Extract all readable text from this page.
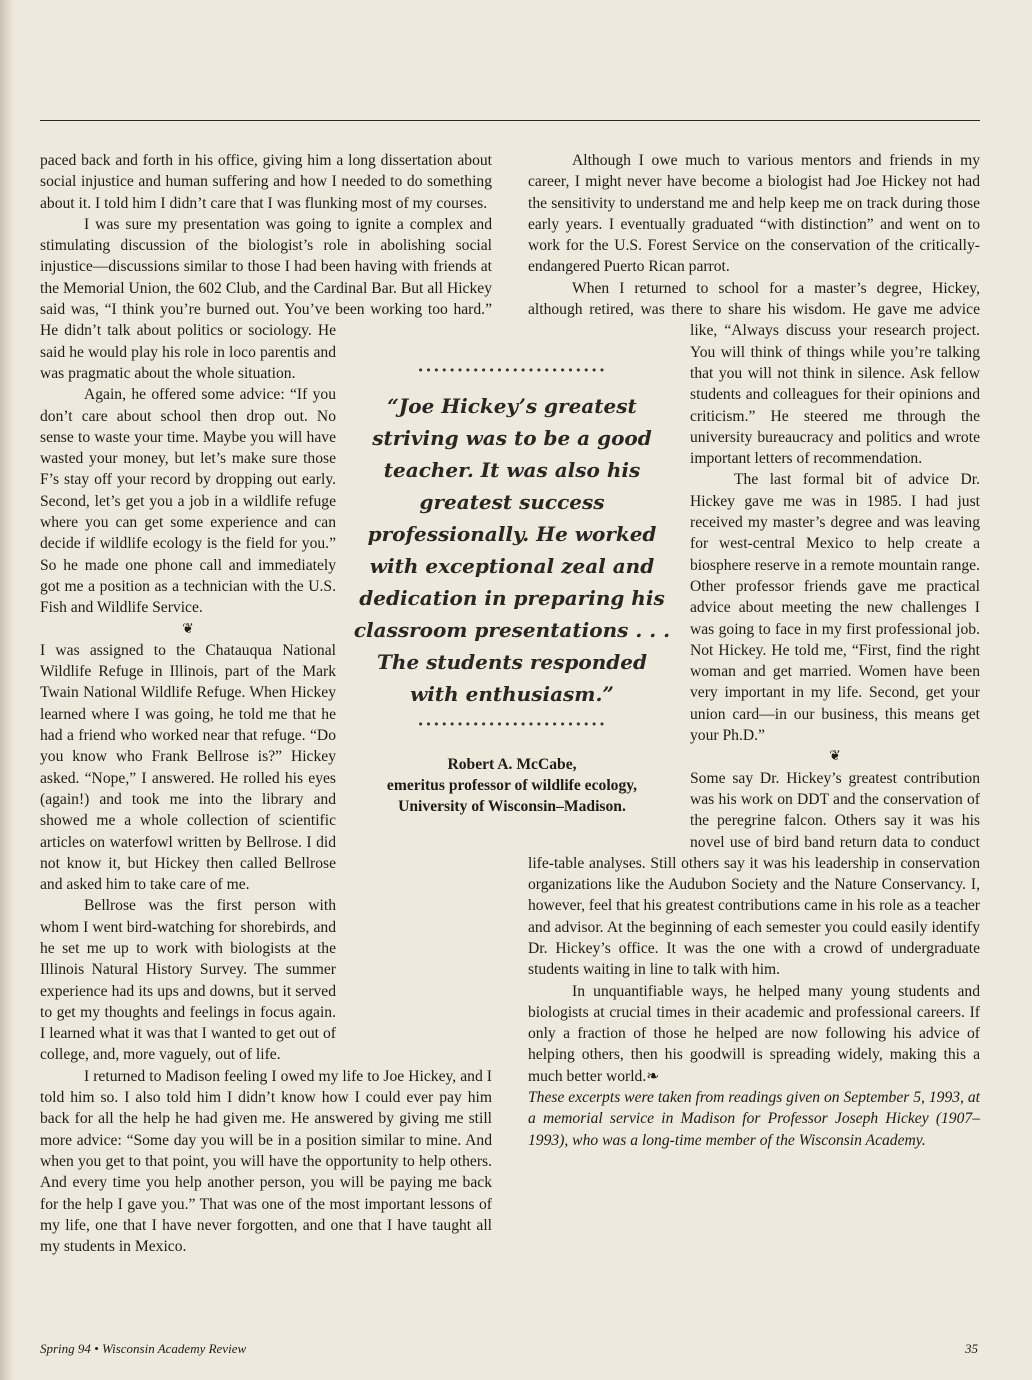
paced back and forth in his office, giving him a long dissertation about social injustice and human suffering and how I needed to do something about it. I told him I didn’t care that I was flunking most of my courses.

I was sure my presentation was going to ignite a complex and stimulating discussion of the biologist’s role in abolishing social injustice—discussions similar to those I had been having with friends at the Memorial Union, the 602 Club, and the Cardinal Bar. But all Hickey said was, “I think you’re burned out. You’ve been working too hard.” He didn’t talk about politics or sociology. He said he would play his role in loco parentis and was pragmatic about the whole situation.

Again, he offered some advice: “If you don’t care about school then drop out. No sense to waste your time. Maybe you will have wasted your money, but let’s make sure those F’s stay off your record by dropping out early. Second, let’s get you a job in a wildlife refuge where you can get some experience and can decide if wildlife ecology is the field for you.” So he made one phone call and immediately got me a position as a technician with the U.S. Fish and Wildlife Service.

❦

I was assigned to the Chatauqua National Wildlife Refuge in Illinois, part of the Mark Twain National Wildlife Refuge. When Hickey learned where I was going, he told me that he had a friend who worked near that refuge. “Do you know who Frank Bellrose is?” Hickey asked. “Nope,” I answered. He rolled his eyes (again!) and took me into the library and showed me a whole collection of scientific articles on waterfowl written by Bellrose. I did not know it, but Hickey then called Bellrose and asked him to take care of me.

Bellrose was the first person with whom I went bird-watching for shorebirds, and he set me up to work with biologists at the Illinois Natural History Survey. The summer experience had its ups and downs, but it served to get my thoughts and feelings in focus again. I learned what it was that I wanted to get out of college, and, more vaguely, out of life.

I returned to Madison feeling I owed my life to Joe Hickey, and I told him so. I also told him I didn’t know how I could ever pay him back for all the help he had given me. He answered by giving me still more advice: “Some day you will be in a position similar to mine. And when you get to that point, you will have the opportunity to help others. And every time you help another person, you will be paying me back for the help I gave you.” That was one of the most important lessons of my life, one that I have never forgotten, and one that I have taught all my students in Mexico.

Although I owe much to various mentors and friends in my career, I might never have become a biologist had Joe Hickey not had the sensitivity to understand me and help keep me on track during those early years. I eventually graduated “with distinction” and went on to work for the U.S. Forest Service on the conservation of the critically-endangered Puerto Rican parrot.

When I returned to school for a master’s degree, Hickey, although retired, was there to share his wisdom. He gave me advice like, “Always discuss your research project. You will think of things while you’re talking that you will not think in silence. Ask fellow students and colleagues for their opinions and criticism.” He steered me through the university bureaucracy and politics and wrote important letters of recommendation.

The last formal bit of advice Dr. Hickey gave me was in 1985. I had just received my master’s degree and was leaving for west-central Mexico to help create a biosphere reserve in a remote mountain range. Other professor friends gave me practical advice about meeting the new challenges I was going to face in my first professional job. Not Hickey. He told me, “First, find the right woman and get married. Women have been very important in my life. Second, get your union card—in our business, this means get your Ph.D.”

❦

Some say Dr. Hickey’s greatest contribution was his work on DDT and the conservation of the peregrine falcon. Others say it was his novel use of bird band return data to conduct life-table analyses. Still others say it was his leadership in conservation organizations like the Audubon Society and the Nature Conservancy. I, however, feel that his greatest contributions came in his role as a teacher and advisor. At the beginning of each semester you could easily identify Dr. Hickey’s office. It was the one with a crowd of undergraduate students waiting in line to talk with him.

In unquantifiable ways, he helped many young students and biologists at crucial times in their academic and professional careers. If only a fraction of those he helped are now following his advice of helping others, then his goodwill is spreading widely, making this a much better world.❧

These excerpts were taken from readings given on September 5, 1993, at a memorial service in Madison for Professor Joseph Hickey (1907–1993), who was a long-time member of the Wisconsin Academy.

••••••••••••••••••••••••
“Joe Hickey’s greatest striving was to be a good teacher. It was also his greatest success professionally. He worked with exceptional zeal and dedication in preparing his classroom presentations . . . The students responded with enthusiasm.”
••••••••••••••••••••••••
Robert A. McCabe,
emeritus professor of wildlife ecology,
University of Wisconsin–Madison.
Spring 94 • Wisconsin Academy Review	35
